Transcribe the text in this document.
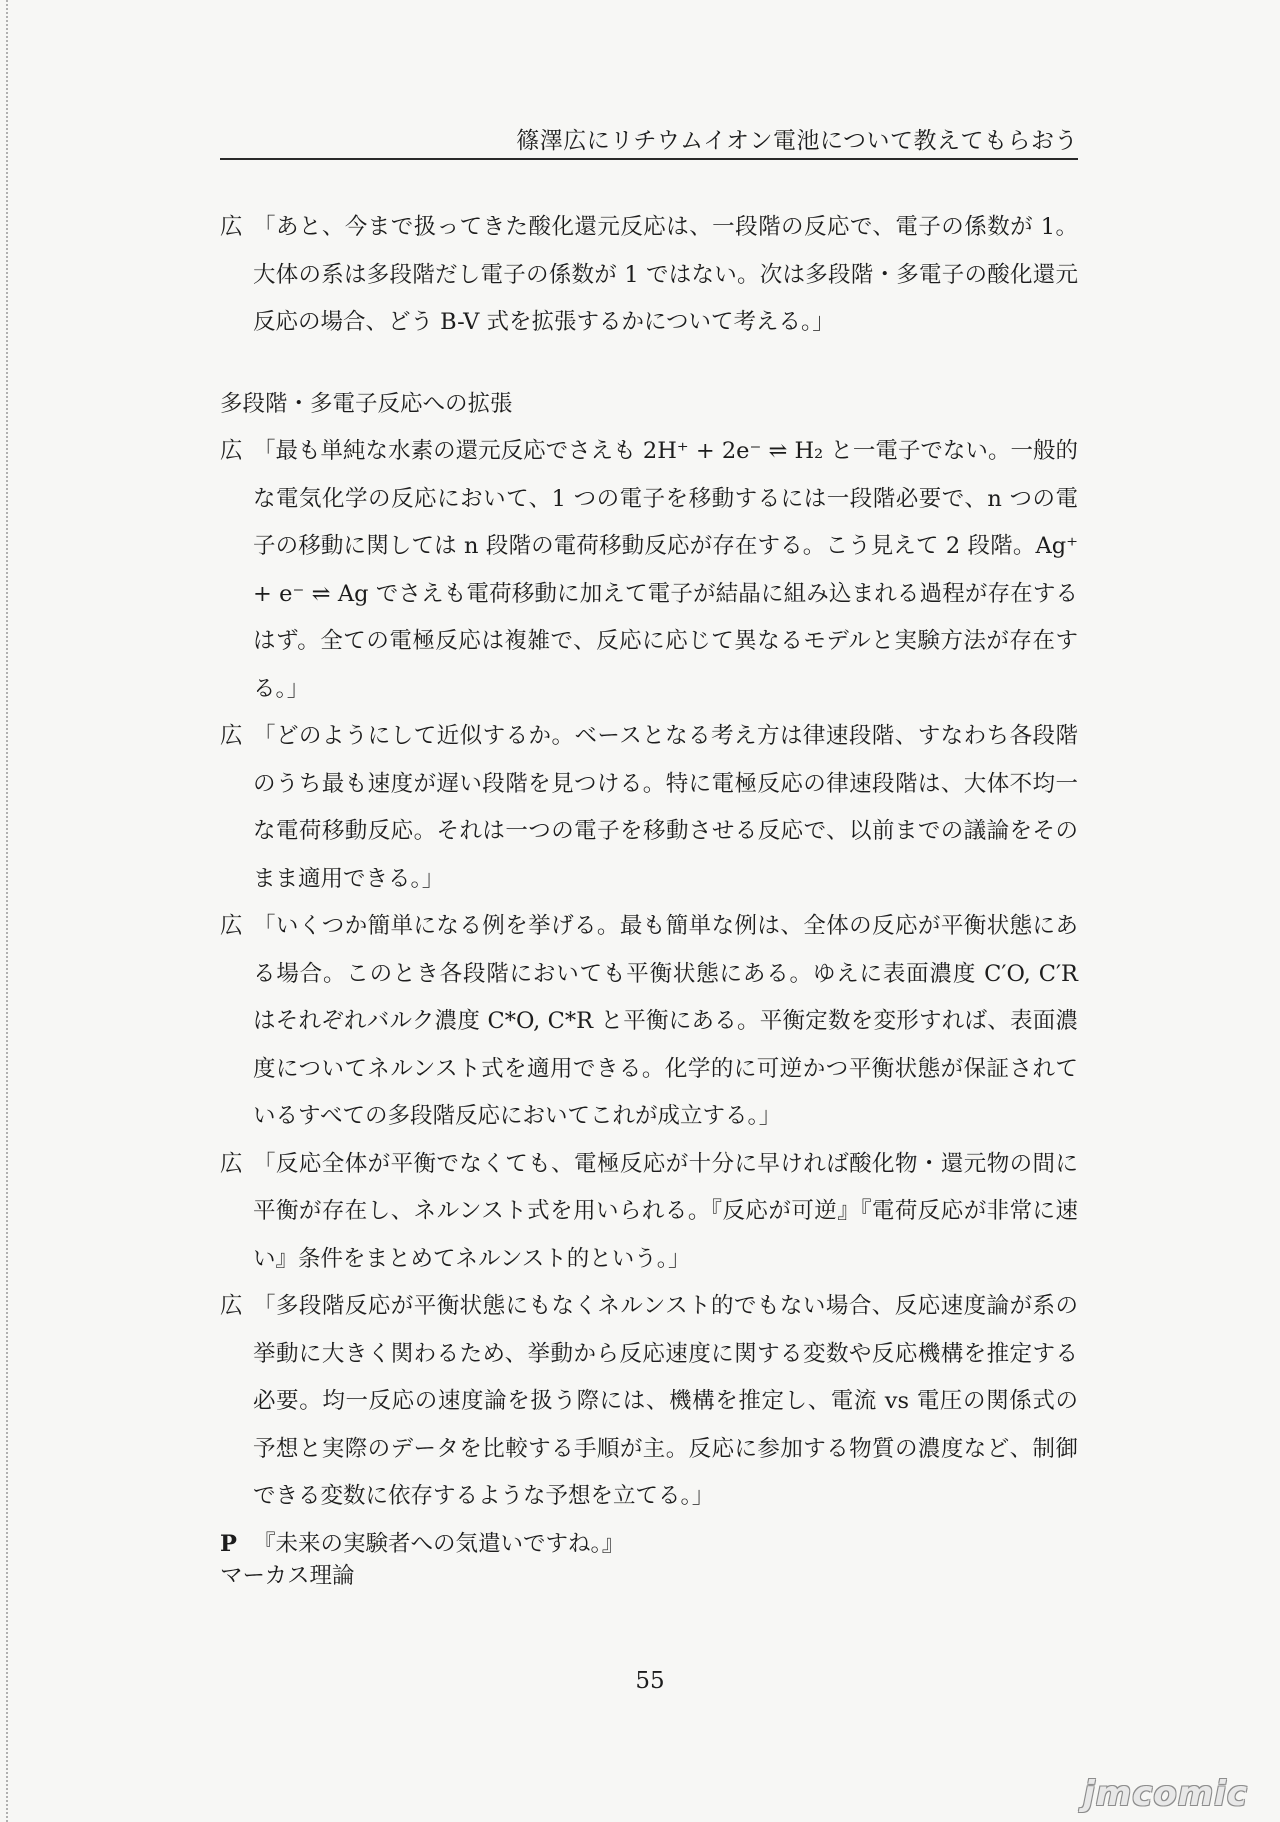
篠澤広にリチウムイオン電池について教えてもらおう
広 「あと、今まで扱ってきた酸化還元反応は、一段階の反応で、電子の係数が 1。大体の系は多段階だし電子の係数が 1 ではない。次は多段階・多電子の酸化還元反応の場合、どう B-V 式を拡張するかについて考える。」
多段階・多電子反応への拡張
広 「最も単純な水素の還元反応でさえも 2H⁺ + 2e⁻ ⇌ H₂ と一電子でない。一般的な電気化学の反応において、1 つの電子を移動するには一段階必要で、n つの電子の移動に関しては n 段階の電荷移動反応が存在する。こう見えて 2 段階。Ag⁺ + e⁻ ⇌ Ag でさえも電荷移動に加えて電子が結晶に組み込まれる過程が存在するはず。全ての電極反応は複雑で、反応に応じて異なるモデルと実験方法が存在する。」
広 「どのようにして近似するか。ベースとなる考え方は律速段階、すなわち各段階のうち最も速度が遅い段階を見つける。特に電極反応の律速段階は、大体不均一な電荷移動反応。それは一つの電子を移動させる反応で、以前までの議論をそのまま適用できる。」
広 「いくつか簡単になる例を挙げる。最も簡単な例は、全体の反応が平衡状態にある場合。このとき各段階においても平衡状態にある。ゆえに表面濃度 C′O, C′R はそれぞれバルク濃度 C*O, C*R と平衡にある。平衡定数を変形すれば、表面濃度についてネルンスト式を適用できる。化学的に可逆かつ平衡状態が保証されているすべての多段階反応においてこれが成立する。」
広 「反応全体が平衡でなくても、電極反応が十分に早ければ酸化物・還元物の間に平衡が存在し、ネルンスト式を用いられる。『反応が可逆』『電荷反応が非常に速い』条件をまとめてネルンスト的という。」
広 「多段階反応が平衡状態にもなくネルンスト的でもない場合、反応速度論が系の挙動に大きく関わるため、挙動から反応速度に関する変数や反応機構を推定する必要。均一反応の速度論を扱う際には、機構を推定し、電流 vs 電圧の関係式の予想と実際のデータを比較する手順が主。反応に参加する物質の濃度など、制御できる変数に依存するような予想を立てる。」
P 『未来の実験者への気遣いですね。』
マーカス理論
55
jmcomic
